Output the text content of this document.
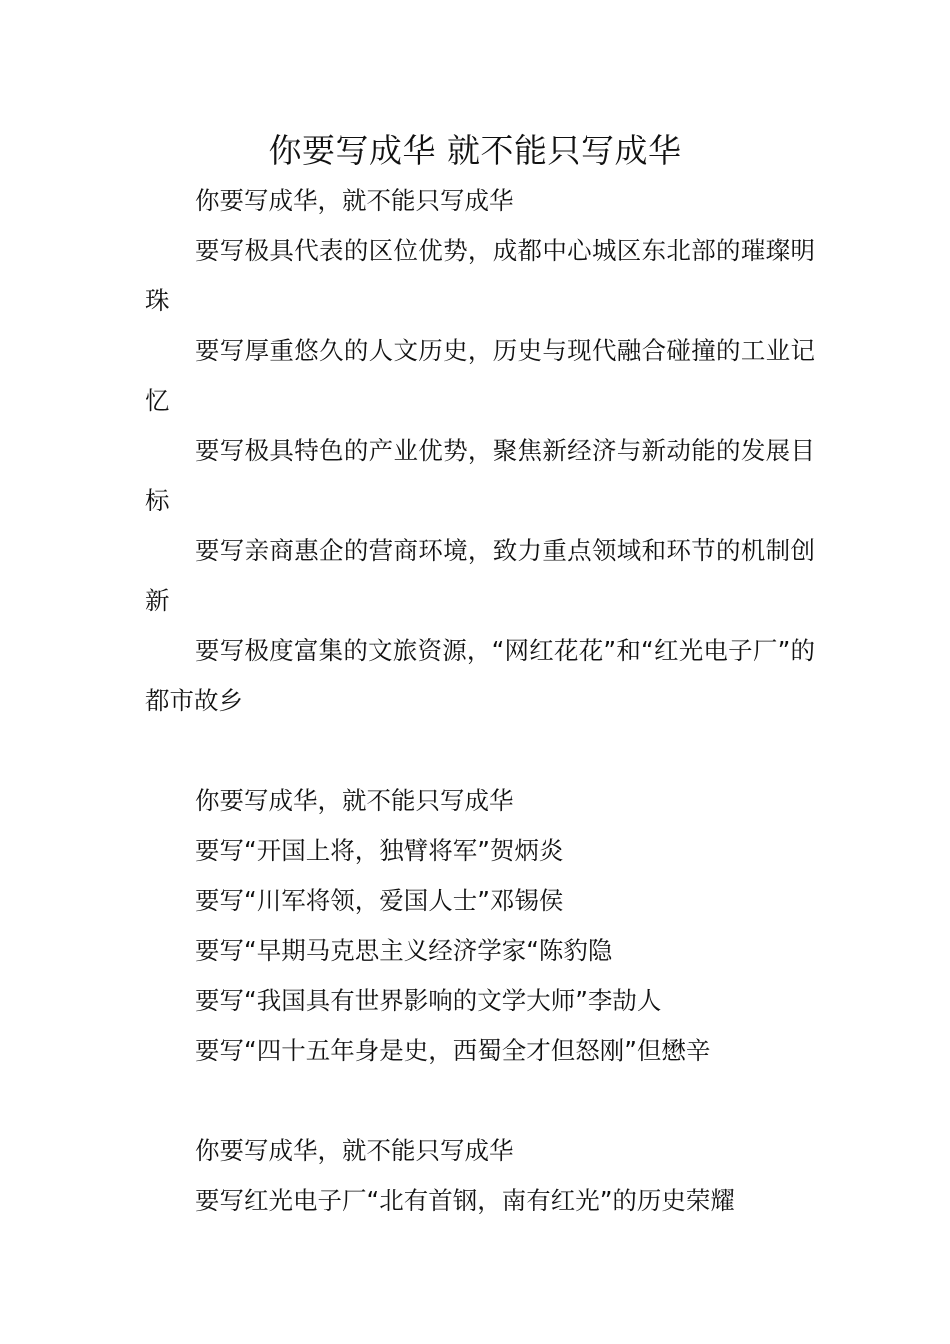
你要写成华 就不能只写成华

你要写成华，就不能只写成华

要写极具代表的区位优势，成都中心城区东北部的璀璨明珠

要写厚重悠久的人文历史，历史与现代融合碰撞的工业记忆

要写极具特色的产业优势，聚焦新经济与新动能的发展目标

要写亲商惠企的营商环境，致力重点领域和环节的机制创新

要写极度富集的文旅资源，“网红花花”和“红光电子厂”的都市故乡

你要写成华，就不能只写成华

要写“开国上将，独臂将军”贺炳炎

要写“川军将领，爱国人士”邓锡侯

要写“早期马克思主义经济学家“陈豹隐

要写“我国具有世界影响的文学大师”李劼人

要写“四十五年身是史，西蜀全才但怒刚”但懋辛

你要写成华，就不能只写成华

要写红光电子厂“北有首钢，南有红光”的历史荣耀
